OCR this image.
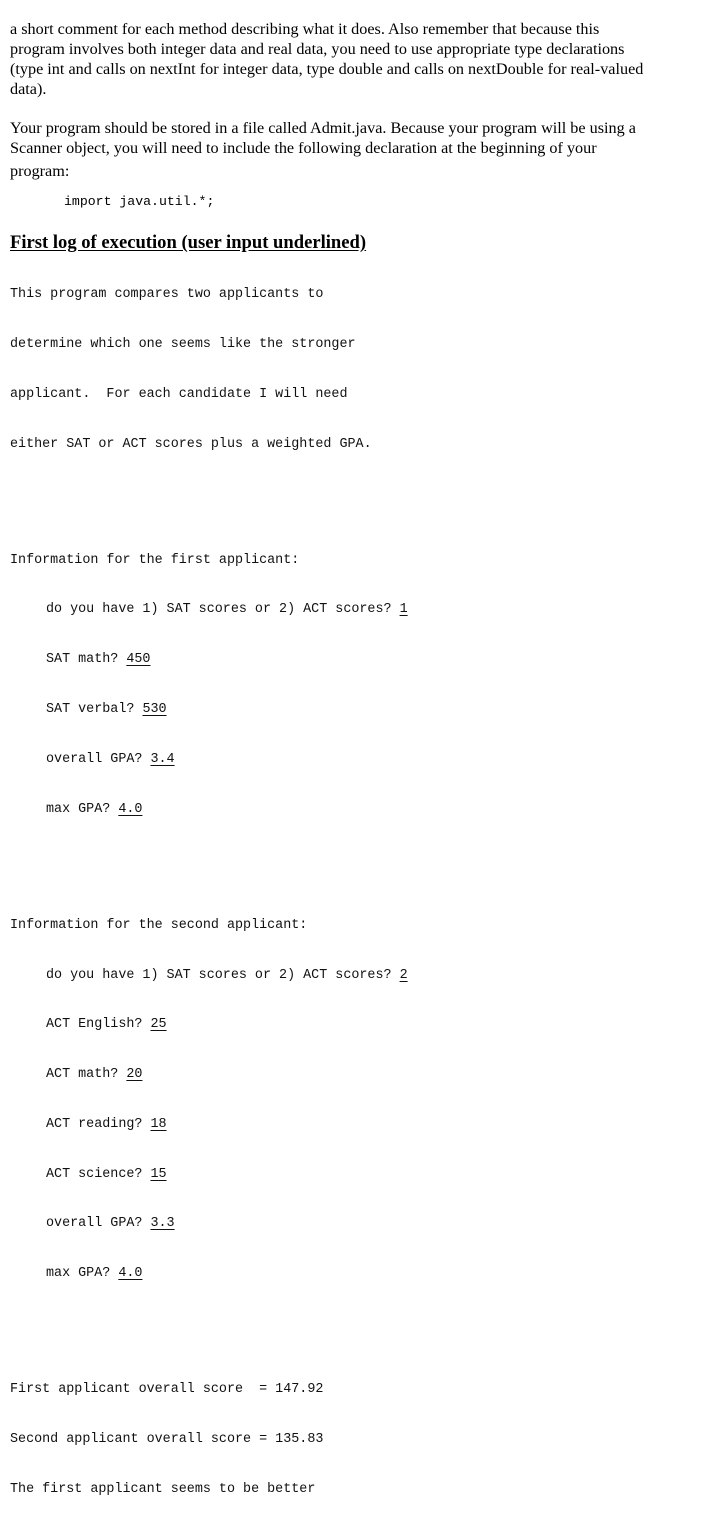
a short comment for each method describing what it does. Also remember that because this
program involves both integer data and real data, you need to use appropriate type declarations
(type int and calls on nextInt for integer data, type double and calls on nextDouble for real-valued
data).

Your program should be stored in a file called Admit.java. Because your program will be using a
Scanner object, you will need to include the following declaration at the beginning of your
program:

import java.util.*;
First log of execution (user input underlined)

This program compares two applicants to

determine which one seems like the stronger

applicant.  For each candidate I will need

either SAT or ACT scores plus a weighted GPA.

Information for the first applicant:

do you have 1) SAT scores or 2) ACT scores? 1

SAT math? 450

SAT verbal? 530

overall GPA? 3.4

max GPA? 4.0

Information for the second applicant:

do you have 1) SAT scores or 2) ACT scores? 2

ACT English? 25

ACT math? 20

ACT reading? 18

ACT science? 15

overall GPA? 3.3

max GPA? 4.0

First applicant overall score  = 147.92

Second applicant overall score = 135.83

The first applicant seems to be better
